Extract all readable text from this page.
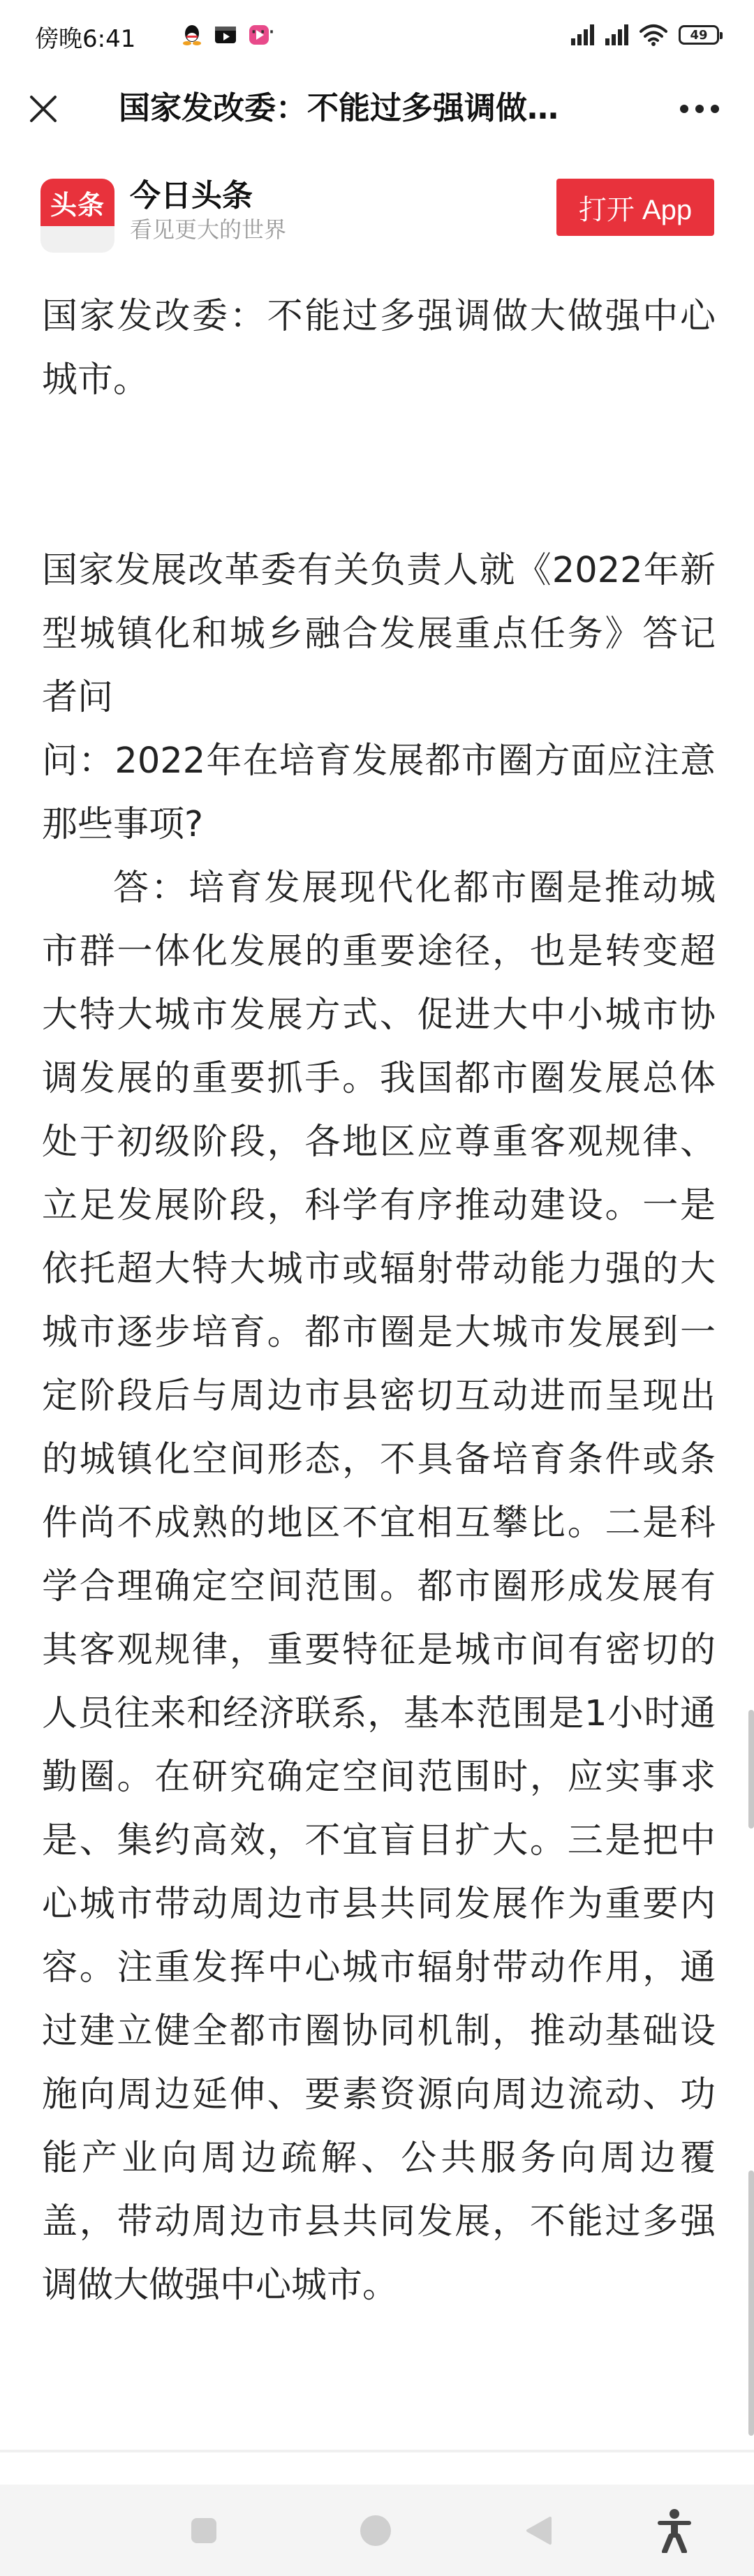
傍晚6:41	···	49
国家发改委：不能过多强调做…
头条 今日头条
看见更大的世界
打开 App

国家发改委：不能过多强调做大做强中心城市。

国家发展改革委有关负责人就《2022年新型城镇化和城乡融合发展重点任务》答记者问

问：2022年在培育发展都市圈方面应注意那些事项?

答：培育发展现代化都市圈是推动城市群一体化发展的重要途径，也是转变超大特大城市发展方式、促进大中小城市协调发展的重要抓手。我国都市圈发展总体处于初级阶段，各地区应尊重客观规律、立足发展阶段，科学有序推动建设。一是依托超大特大城市或辐射带动能力强的大城市逐步培育。都市圈是大城市发展到一定阶段后与周边市县密切互动进而呈现出的城镇化空间形态，不具备培育条件或条件尚不成熟的地区不宜相互攀比。二是科学合理确定空间范围。都市圈形成发展有其客观规律，重要特征是城市间有密切的人员往来和经济联系，基本范围是1小时通勤圈。在研究确定空间范围时，应实事求是、集约高效，不宜盲目扩大。三是把中心城市带动周边市县共同发展作为重要内容。注重发挥中心城市辐射带动作用，通过建立健全都市圈协同机制，推动基础设施向周边延伸、要素资源向周边流动、功能产业向周边疏解、公共服务向周边覆盖，带动周边市县共同发展，不能过多强调做大做强中心城市。
